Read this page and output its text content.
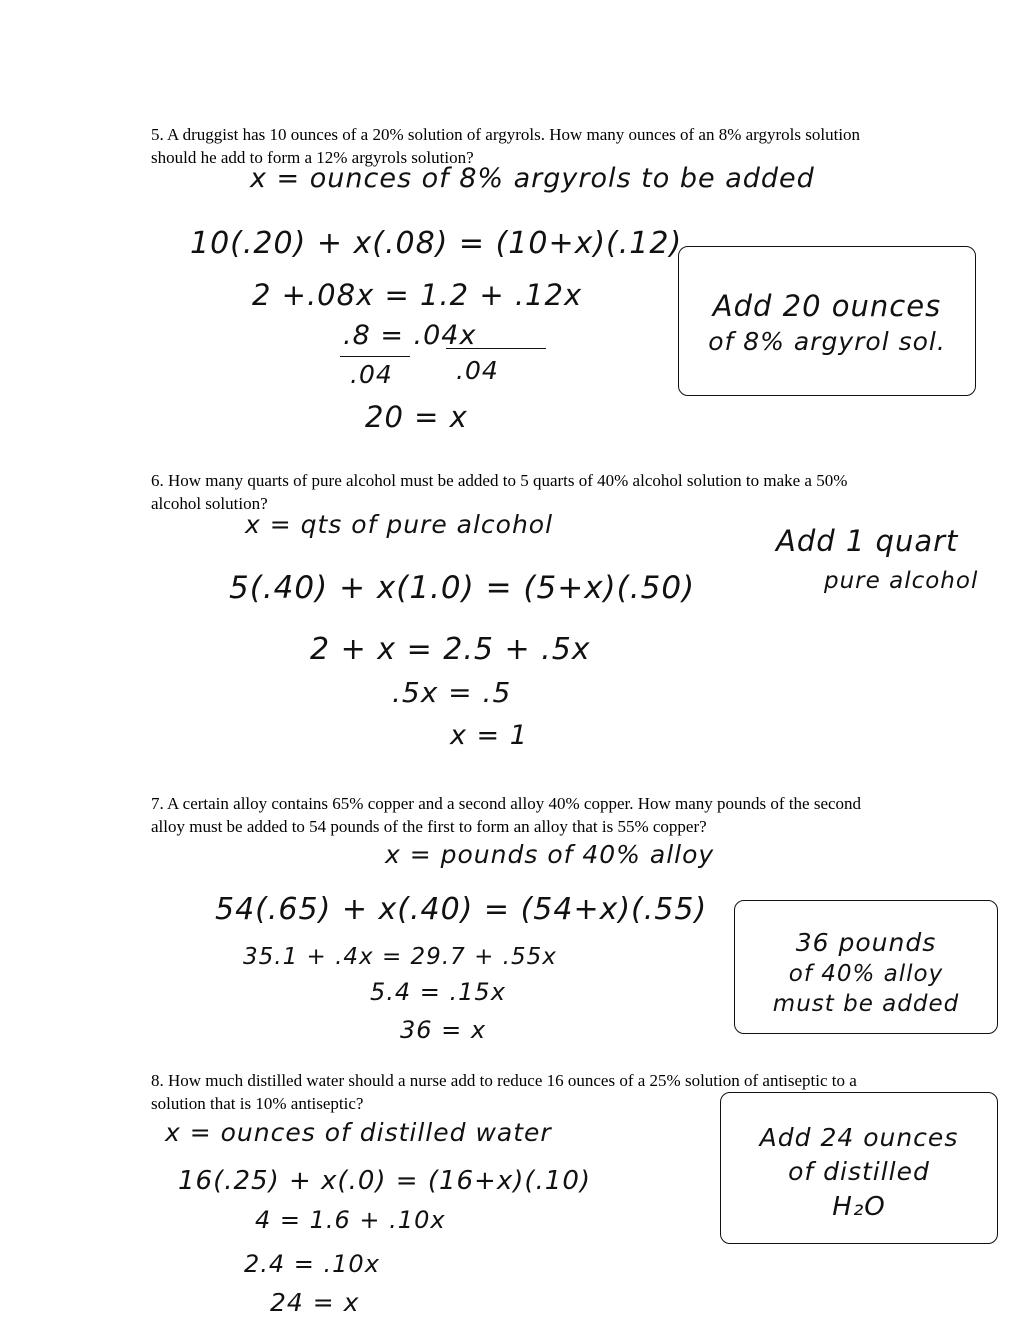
5. A druggist has 10 ounces of a 20% solution of argyrols. How many ounces of an 8% argyrols solution should he add to form a 12% argyrols solution?

x = ounces of 8% argyrols to be added
10(.20) + x(.08) = (10+x)(.12)
2 +.08x = 1.2 + .12x
.8 = .04x
.04	.04
20 = x
Add 20 ounces
of 8% argyrol sol.

6. How many quarts of pure alcohol must be added to 5 quarts of 40% alcohol solution to make a 50% alcohol solution?

x = qts of pure alcohol
5(.40) + x(1.0) = (5+x)(.50)
2 + x = 2.5 + .5x
.5x = .5
x = 1
Add 1 quart
pure alcohol

7. A certain alloy contains 65% copper and a second alloy 40% copper. How many pounds of the second alloy must be added to 54 pounds of the first to form an alloy that is 55% copper?

x = pounds of 40% alloy
54(.65) + x(.40) = (54+x)(.55)
35.1 + .4x = 29.7 + .55x
5.4 = .15x
36 = x
36 pounds
of 40% alloy
must be added

8. How much distilled water should a nurse add to reduce 16 ounces of a 25% solution of antiseptic to a solution that is 10% antiseptic?

x = ounces of distilled water
16(.25) + x(.0) = (16+x)(.10)
4 = 1.6 + .10x
2.4 = .10x
24 = x
Add 24 ounces
of distilled
H₂O
